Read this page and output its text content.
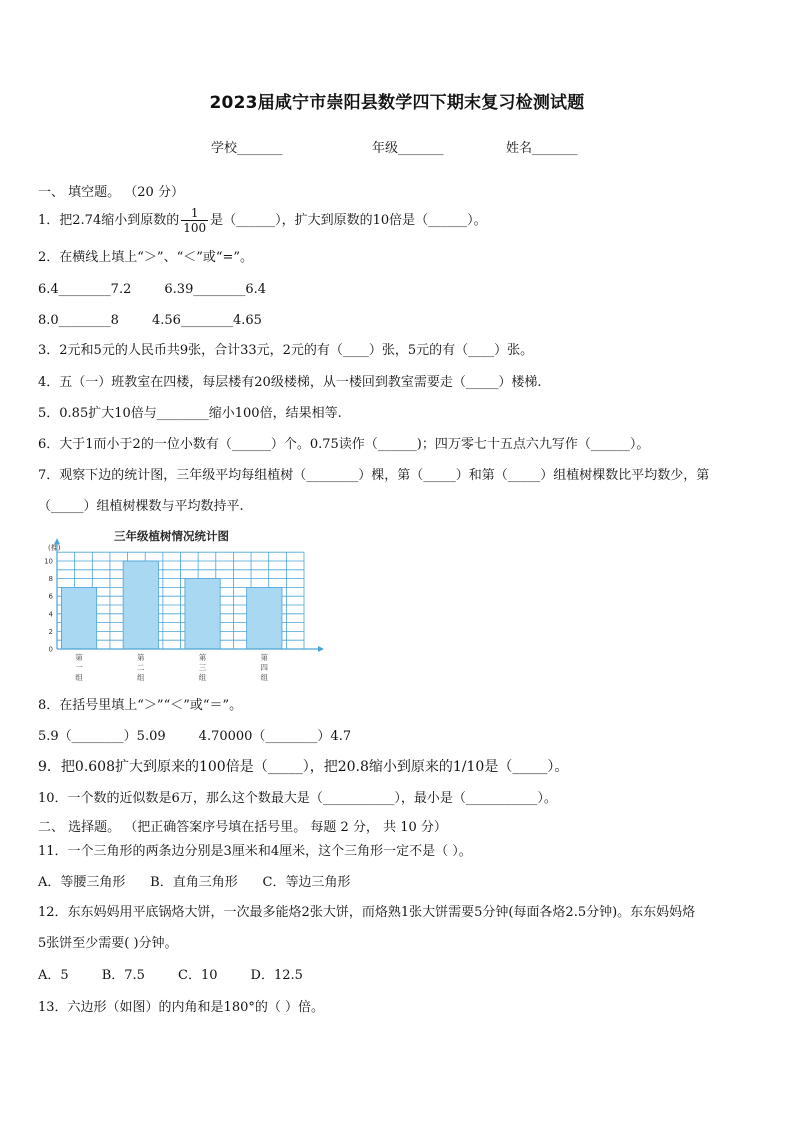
2023届咸宁市崇阳县数学四下期末复习检测试题
学校_______	年级_______	姓名_______
一、 填空题。 （20 分）
1．把2.74缩小到原数的 $\frac{1}{100}$ 是（______），扩大到原数的10倍是（______）。
2．在横线上填上“＞”、“＜”或“=”。
6.4________7.2        6.39________6.4
8.0________8        4.56________4.65
3．2元和5元的人民币共9张，合计33元，2元的有（____）张，5元的有（____）张。
4．五（一）班教室在四楼，每层楼有20级楼梯，从一楼回到教室需要走（_____）楼梯.
5．0.85扩大10倍与________缩小100倍，结果相等.
6．大于1而小于2的一位小数有（______）个。0.75读作（______)；四万零七十五点六九写作（______）。
7．观察下边的统计图，三年级平均每组植树（________）棵，第（_____）和第（_____）组植树棵数比平均数少，第
（_____）组植树棵数与平均数持平.
三年级植树情况统计图
(棵)
0
2
4
6
8
10
第
一
组
第
二
组
第
三
组
第
四
组
8．在括号里填上“＞”“＜”或“＝”。
5.9（________）5.09        4.70000（________）4.7
9．把0.608扩大到原来的100倍是（_____），把20.8缩小到原来的1/10是（_____）。
10．一个数的近似数是6万，那么这个数最大是（___________），最小是（___________）。
二、 选择题。 （把正确答案序号填在括号里。 每题 2 分， 共 10 分）
11．一个三角形的两条边分别是3厘米和4厘米，这个三角形一定不是（ ）。
A．等腰三角形      B．直角三角形      C．等边三角形
12．东东妈妈用平底锅烙大饼，一次最多能烙2张大饼，而烙熟1张大饼需要5分钟(每面各烙2.5分钟)。东东妈妈烙
5张饼至少需要( )分钟。
A．5        B．7.5        C．10        D．12.5
13．六边形（如图）的内角和是180°的（ ）倍。
